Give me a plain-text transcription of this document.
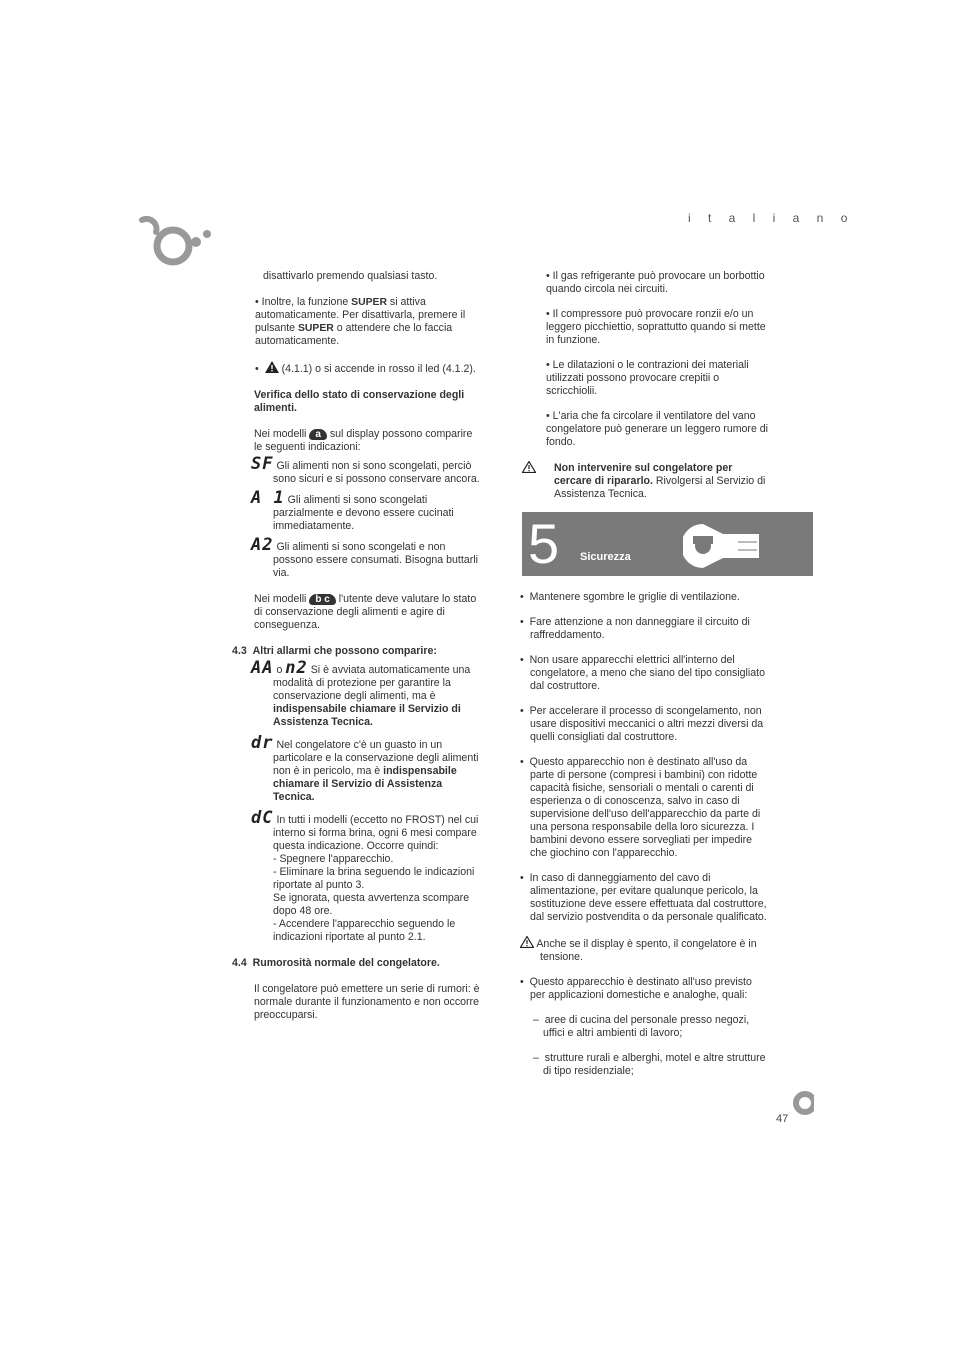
i t a l i a n o

disattivarlo premendo qualsiasi tasto.

• Inoltre, la funzione SUPER si attiva automaticamente. Per disattivarla, premere il pulsante SUPER o attendere che lo faccia automaticamente.

•   (4.1.1) o si accende in rosso il led (4.1.2).

Verifica dello stato di conservazione degli alimenti.

Nei modelli a sul display possono comparire le seguenti indicazioni:

SF Gli alimenti non si sono scongelati, perciò sono sicuri e si possono conservare ancora.

A 1 Gli alimenti si sono scongelati parzialmente e devono essere cucinati immediatamente.

A2 Gli alimenti si sono scongelati e non possono essere consumati. Bisogna buttarli via.

Nei modelli b c l'utente deve valutare lo stato di conservazione degli alimenti e agire di conseguenza.

4.3 Altri allarmi che possono comparire:

AA o n2 Si è avviata automaticamente una modalità di protezione per garantire la conservazione degli alimenti, ma è indispensabile chiamare il Servizio di Assistenza Tecnica.

dr Nel congelatore c'è un guasto in un particolare e la conservazione degli alimenti non è in pericolo, ma è indispensabile chiamare il Servizio di Assistenza Tecnica.

dC In tutti i modelli (eccetto no FROST) nel cui interno si forma brina, ogni 6 mesi compare questa indicazione. Occorre quindi:

- Spegnere l'apparecchio.

- Eliminare la brina seguendo le indicazioni riportate al punto 3.

Se ignorata, questa avvertenza scompare dopo 48 ore.

- Accendere l'apparecchio seguendo le indicazioni riportate al punto 2.1.

4.4 Rumorosità normale del congelatore.

Il congelatore può emettere un serie di rumori: è normale durante il funzionamento e non occorre preoccuparsi.

• Il gas refrigerante può provocare un borbottio quando circola nei circuiti.

• Il compressore può provocare ronzii e/o un leggero picchiettio, soprattutto quando si mette in funzione.

• Le dilatazioni o le contrazioni dei materiali utilizzati possono provocare crepitii o scricchiolii.

• L'aria che fa circolare il ventilatore del vano congelatore può generare un leggero rumore di fondo.

Non intervenire sul congelatore per cercare di ripararlo. Rivolgersi al Servizio di Assistenza Tecnica.

5 Sicurezza

•  Mantenere sgombre le griglie di ventilazione.

•  Fare attenzione a non danneggiare il circuito di raffreddamento.

•  Non usare apparecchi elettrici all'interno del congelatore, a meno che siano del tipo consigliato dal costruttore.

•  Per accelerare il processo di scongelamento, non usare dispositivi meccanici o altri mezzi diversi da quelli consigliati dal costruttore.

•  Questo apparecchio non è destinato all'uso da parte di persone (compresi i bambini) con ridotte capacità fisiche, sensoriali o mentali o carenti di esperienza o di conoscenza, salvo in caso di supervisione dell'uso dell'apparecchio da parte di una persona responsabile della loro sicurezza. I bambini devono essere sorvegliati per impedire che giochino con l'apparecchio.

•  In caso di danneggiamento del cavo di alimentazione, per evitare qualunque pericolo, la sostituzione deve essere effettuata dal costruttore, dal servizio postvendita o da personale qualificato.

Anche se il display è spento, il congelatore è in tensione.

•  Questo apparecchio è destinato all'uso previsto per applicazioni domestiche e analoghe, quali:

–  aree di cucina del personale presso negozi, uffici e altri ambienti di lavoro;

–  strutture rurali e alberghi, motel e altre strutture di tipo residenziale;

47
